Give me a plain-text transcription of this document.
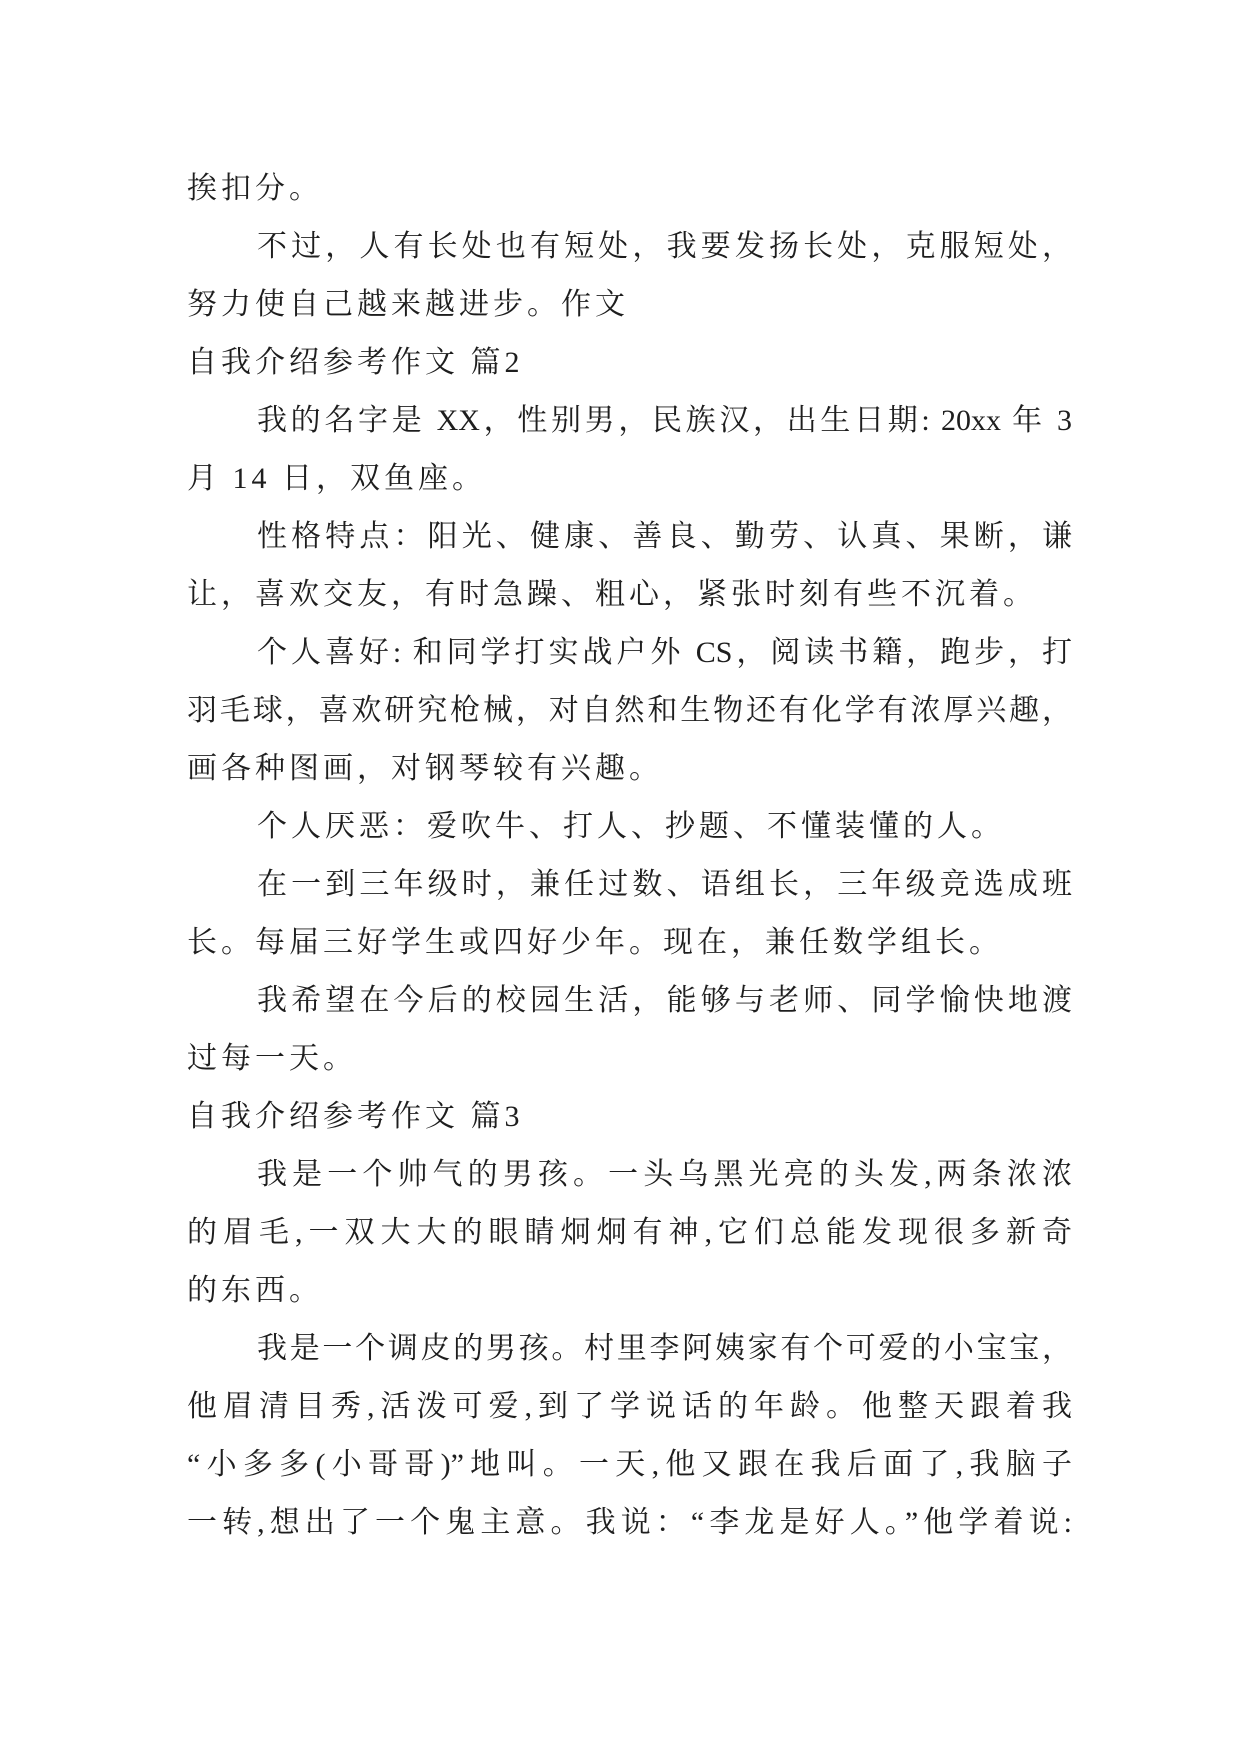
挨扣分。
不过，人有长处也有短处，我要发扬长处，克服短处，
努力使自己越来越进步。作文
自我介绍参考作文 篇2
我的名字是 XX，性别男，民族汉，出生日期: 20xx 年 3
月 14 日，双鱼座。
性格特点：阳光、健康、善良、勤劳、认真、果断，谦
让，喜欢交友，有时急躁、粗心，紧张时刻有些不沉着。
个人喜好: 和同学打实战户外 CS，阅读书籍，跑步，打
羽毛球，喜欢研究枪械，对自然和生物还有化学有浓厚兴趣，
画各种图画，对钢琴较有兴趣。
个人厌恶：爱吹牛、打人、抄题、不懂装懂的人。
在一到三年级时，兼任过数、语组长，三年级竞选成班
长。每届三好学生或四好少年。现在，兼任数学组长。
我希望在今后的校园生活，能够与老师、同学愉快地渡
过每一天。
自我介绍参考作文 篇3
我是一个帅气的男孩。一头乌黑光亮的头发,两条浓浓
的眉毛,一双大大的眼睛炯炯有神,它们总能发现很多新奇
的东西。
我是一个调皮的男孩。村里李阿姨家有个可爱的小宝宝，
他眉清目秀,活泼可爱,到了学说话的年龄。他整天跟着我
“小多多(小哥哥)”地叫。一天,他又跟在我后面了,我脑子
一转,想出了一个鬼主意。我说：“李龙是好人。”他学着说:
